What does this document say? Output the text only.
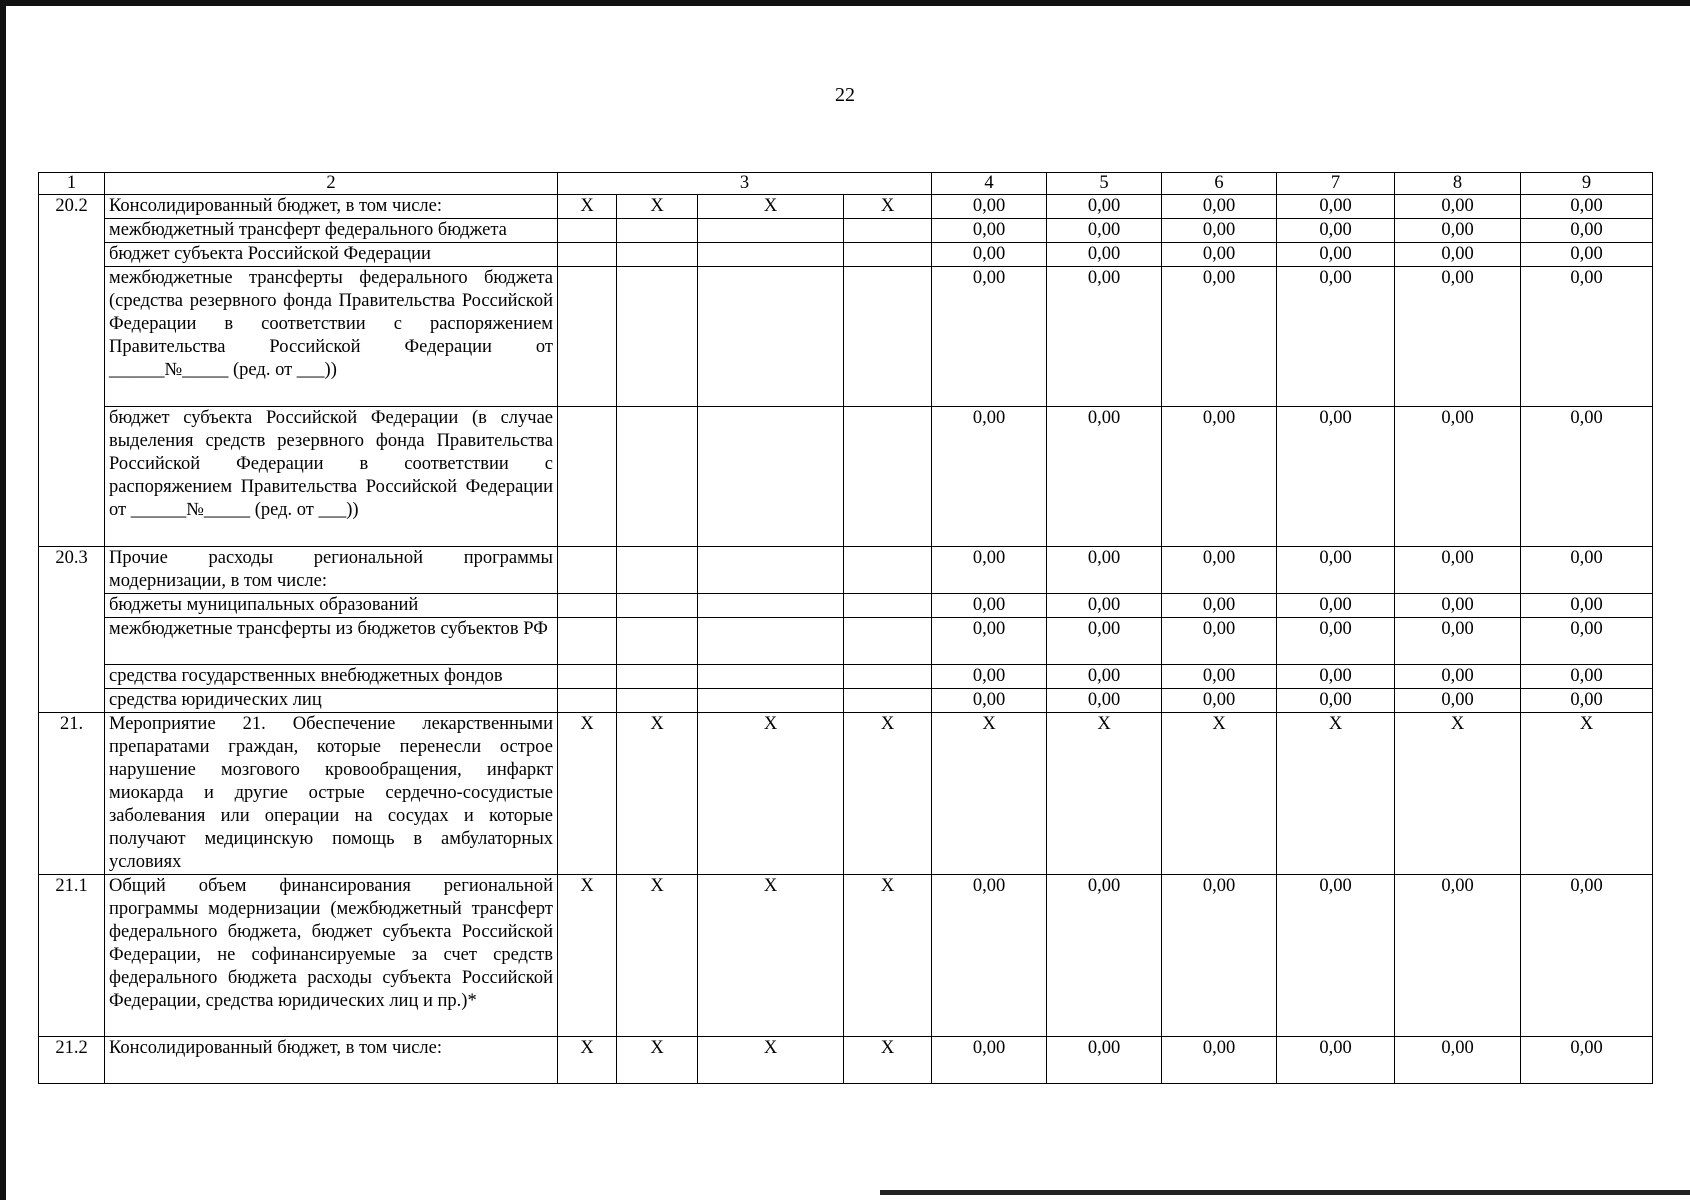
22
1	2	3				4	5	6	7	8	9
20.2	Консолидированный бюджет, в том числе:	Х	Х	Х	Х	0,00	0,00	0,00	0,00	0,00	0,00
	межбюджетный трансферт федерального бюджета					0,00	0,00	0,00	0,00	0,00	0,00
	бюджет субъекта Российской Федерации					0,00	0,00	0,00	0,00	0,00	0,00
	межбюджетные трансферты федерального бюджета (средства резервного фонда Правительства Российской Федерации в соответствии с распоряжением Правительства Российской Федерации от ______№_____ (ред. от ___))					0,00	0,00	0,00	0,00	0,00	0,00
	бюджет субъекта Российской Федерации (в случае выделения средств резервного фонда Правительства Российской Федерации в соответствии с распоряжением Правительства Российской Федерации от ______№_____ (ред. от ___))					0,00	0,00	0,00	0,00	0,00	0,00
20.3	Прочие расходы региональной программы модернизации, в том числе:					0,00	0,00	0,00	0,00	0,00	0,00
	бюджеты муниципальных образований					0,00	0,00	0,00	0,00	0,00	0,00
	межбюджетные трансферты из бюджетов субъектов РФ					0,00	0,00	0,00	0,00	0,00	0,00
	средства государственных внебюджетных фондов					0,00	0,00	0,00	0,00	0,00	0,00
	средства юридических лиц					0,00	0,00	0,00	0,00	0,00	0,00
21.	Мероприятие 21. Обеспечение лекарственными препаратами граждан, которые перенесли острое нарушение мозгового кровообращения, инфаркт миокарда и другие острые сердечно-сосудистые заболевания или операции на сосудах и которые получают медицинскую помощь в амбулаторных условиях	Х	Х	Х	Х	Х	Х	Х	Х	Х	Х
21.1	Общий объем финансирования региональной программы модернизации (межбюджетный трансферт федерального бюджета, бюджет субъекта Российской Федерации, не софинансируемые за счет средств федерального бюджета расходы субъекта Российской Федерации, средства юридических лиц и пр.)*	Х	Х	Х	Х	0,00	0,00	0,00	0,00	0,00	0,00
21.2	Консолидированный бюджет, в том числе:	Х	Х	Х	Х	0,00	0,00	0,00	0,00	0,00	0,00
